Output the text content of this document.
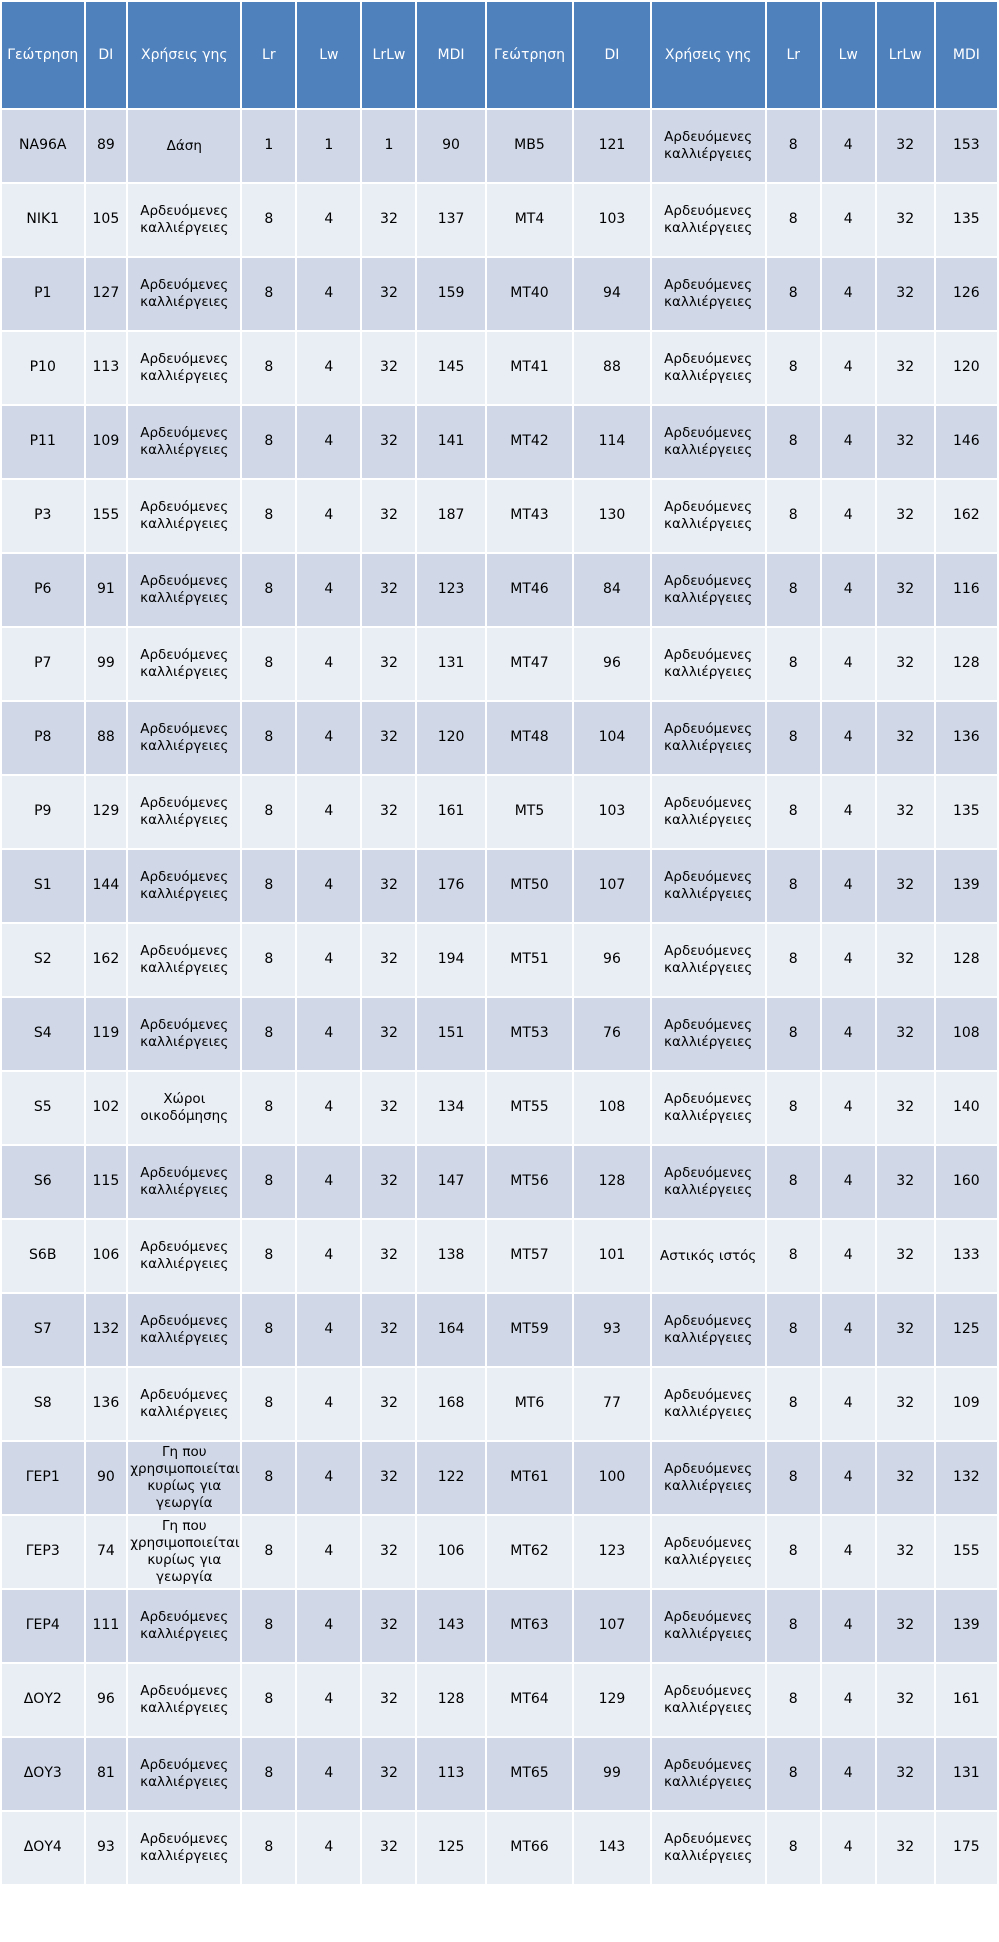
Γεώτρηση	DI	Χρήσεις γης	Lr	Lw	LrLw	MDI	Γεώτρηση	DI	Χρήσεις γης	Lr	Lw	LrLw	MDI
NA96A	89	Δάση	1	1	1	90	MB5	121	Αρδευόμενες καλλιέργειες	8	4	32	153
NIK1	105	Αρδευόμενες καλλιέργειες	8	4	32	137	MT4	103	Αρδευόμενες καλλιέργειες	8	4	32	135
P1	127	Αρδευόμενες καλλιέργειες	8	4	32	159	MT40	94	Αρδευόμενες καλλιέργειες	8	4	32	126
P10	113	Αρδευόμενες καλλιέργειες	8	4	32	145	MT41	88	Αρδευόμενες καλλιέργειες	8	4	32	120
P11	109	Αρδευόμενες καλλιέργειες	8	4	32	141	MT42	114	Αρδευόμενες καλλιέργειες	8	4	32	146
P3	155	Αρδευόμενες καλλιέργειες	8	4	32	187	MT43	130	Αρδευόμενες καλλιέργειες	8	4	32	162
P6	91	Αρδευόμενες καλλιέργειες	8	4	32	123	MT46	84	Αρδευόμενες καλλιέργειες	8	4	32	116
P7	99	Αρδευόμενες καλλιέργειες	8	4	32	131	MT47	96	Αρδευόμενες καλλιέργειες	8	4	32	128
P8	88	Αρδευόμενες καλλιέργειες	8	4	32	120	MT48	104	Αρδευόμενες καλλιέργειες	8	4	32	136
P9	129	Αρδευόμενες καλλιέργειες	8	4	32	161	MT5	103	Αρδευόμενες καλλιέργειες	8	4	32	135
S1	144	Αρδευόμενες καλλιέργειες	8	4	32	176	MT50	107	Αρδευόμενες καλλιέργειες	8	4	32	139
S2	162	Αρδευόμενες καλλιέργειες	8	4	32	194	MT51	96	Αρδευόμενες καλλιέργειες	8	4	32	128
S4	119	Αρδευόμενες καλλιέργειες	8	4	32	151	MT53	76	Αρδευόμενες καλλιέργειες	8	4	32	108
S5	102	Χώροι οικοδόμησης	8	4	32	134	MT55	108	Αρδευόμενες καλλιέργειες	8	4	32	140
S6	115	Αρδευόμενες καλλιέργειες	8	4	32	147	MT56	128	Αρδευόμενες καλλιέργειες	8	4	32	160
S6B	106	Αρδευόμενες καλλιέργειες	8	4	32	138	MT57	101	Αστικός ιστός	8	4	32	133
S7	132	Αρδευόμενες καλλιέργειες	8	4	32	164	MT59	93	Αρδευόμενες καλλιέργειες	8	4	32	125
S8	136	Αρδευόμενες καλλιέργειες	8	4	32	168	MT6	77	Αρδευόμενες καλλιέργειες	8	4	32	109
ΓΕΡ1	90	Γη που χρησιμοποιείται κυρίως για γεωργία	8	4	32	122	MT61	100	Αρδευόμενες καλλιέργειες	8	4	32	132
ΓΕΡ3	74	Γη που χρησιμοποιείται κυρίως για γεωργία	8	4	32	106	MT62	123	Αρδευόμενες καλλιέργειες	8	4	32	155
ΓΕΡ4	111	Αρδευόμενες καλλιέργειες	8	4	32	143	MT63	107	Αρδευόμενες καλλιέργειες	8	4	32	139
ΔΟΥ2	96	Αρδευόμενες καλλιέργειες	8	4	32	128	MT64	129	Αρδευόμενες καλλιέργειες	8	4	32	161
ΔΟΥ3	81	Αρδευόμενες καλλιέργειες	8	4	32	113	MT65	99	Αρδευόμενες καλλιέργειες	8	4	32	131
ΔΟΥ4	93	Αρδευόμενες καλλιέργειες	8	4	32	125	MT66	143	Αρδευόμενες καλλιέργειες	8	4	32	175
